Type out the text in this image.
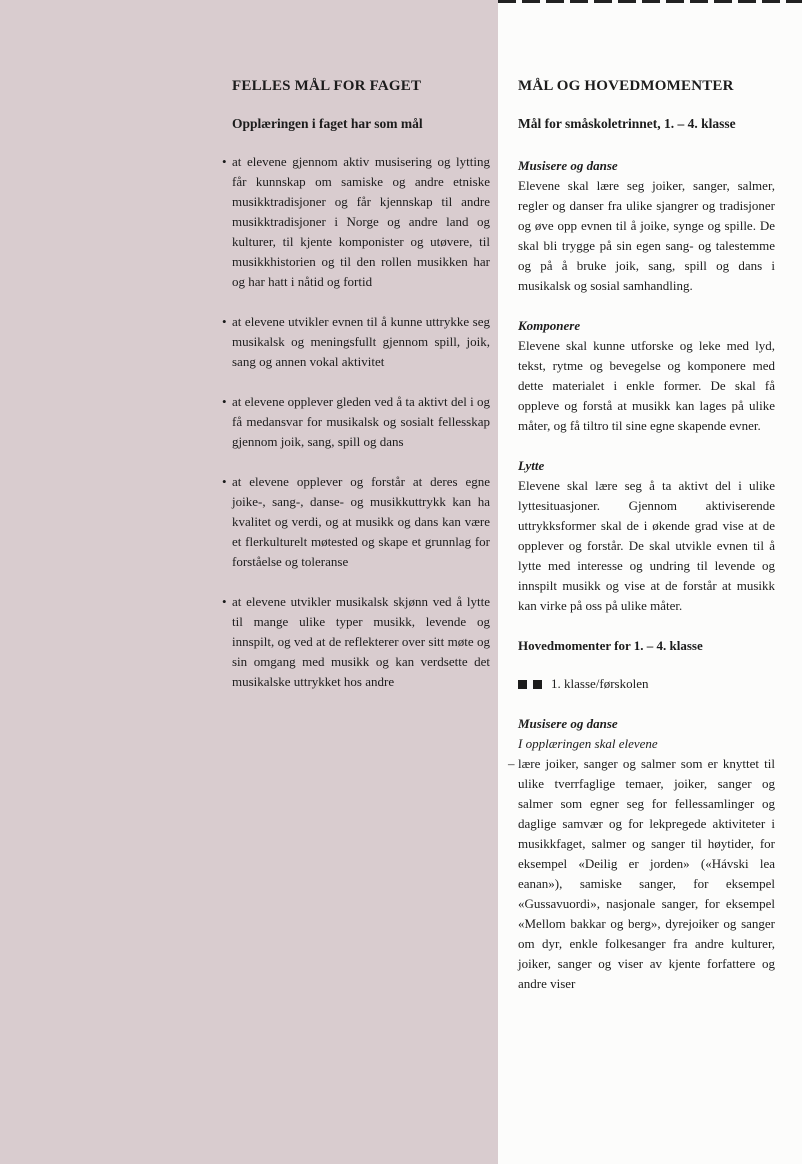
FELLES MÅL FOR FAGET
Opplæringen i faget har som mål
• at elevene gjennom aktiv musisering og lytting får kunnskap om samiske og andre etniske musikktradisjoner og får kjennskap til andre musikktradisjoner i Norge og andre land og kulturer, til kjente komponister og utøvere, til musikkhistorien og til den rollen musikken har og har hatt i nåtid og fortid
• at elevene utvikler evnen til å kunne uttrykke seg musikalsk og meningsfullt gjennom spill, joik, sang og annen vokal aktivitet
• at elevene opplever gleden ved å ta aktivt del i og få medansvar for musikalsk og sosialt fellesskap gjennom joik, sang, spill og dans
• at elevene opplever og forstår at deres egne joike-, sang-, danse- og musikkuttrykk kan ha kvalitet og verdi, og at musikk og dans kan være et flerkulturelt møtested og skape et grunnlag for forståelse og toleranse
• at elevene utvikler musikalsk skjønn ved å lytte til mange ulike typer musikk, levende og innspilt, og ved at de reflekterer over sitt møte og sin omgang med musikk og kan verdsette det musikalske uttrykket hos andre
MÅL OG HOVEDMOMENTER
Mål for småskoletrinnet, 1. – 4. klasse
Musisere og danse

Elevene skal lære seg joiker, sanger, salmer, regler og danser fra ulike sjangrer og tradisjoner og øve opp evnen til å joike, synge og spille. De skal bli trygge på sin egen sang- og talestemme og på å bruke joik, sang, spill og dans i musikalsk og sosial samhandling.

Komponere

Elevene skal kunne utforske og leke med lyd, tekst, rytme og bevegelse og komponere med dette materialet i enkle former. De skal få oppleve og forstå at musikk kan lages på ulike måter, og få tiltro til sine egne skapende evner.

Lytte

Elevene skal lære seg å ta aktivt del i ulike lyttesituasjoner. Gjennom aktiviserende uttrykksformer skal de i økende grad vise at de opplever og forstår. De skal utvikle evnen til å lytte med interesse og undring til levende og innspilt musikk og vise at de forstår at musikk kan virke på oss på ulike måter.

Hovedmomenter for 1. – 4. klasse
1. klasse/førskolen
Musisere og danse
I opplæringen skal elevene

– lære joiker, sanger og salmer som er knyttet til ulike tverrfaglige temaer, joiker, sanger og salmer som egner seg for fellessamlinger og daglige samvær og for lekpregede aktiviteter i musikkfaget, salmer og sanger til høytider, for eksempel «Deilig er jorden» («Hávski lea eanan»), samiske sanger, for eksempel «Gussavuordi», nasjonale sanger, for eksempel «Mellom bakkar og berg», dyrejoiker og sanger om dyr, enkle folkesanger fra andre kulturer, joiker, sanger og viser av kjente forfattere og andre viser
